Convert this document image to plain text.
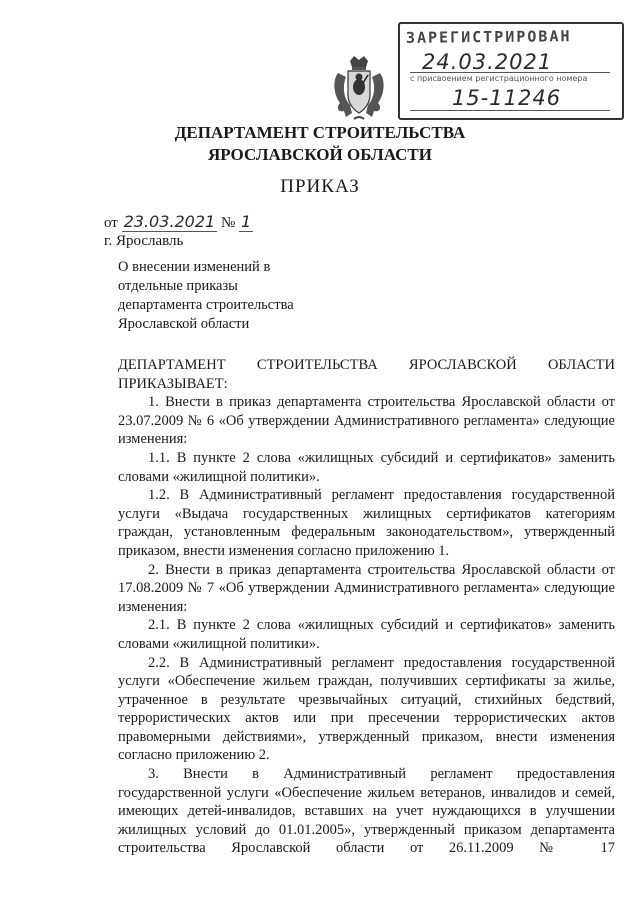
ЗАРЕГИСТРИРОВАН
24.03.2021
с присвоением регистрационного номера
15-11246
ДЕПАРТАМЕНТ СТРОИТЕЛЬСТВА
ЯРОСЛАВСКОЙ ОБЛАСТИ
ПРИКАЗ
от 23.03.2021 № 1
г. Ярославль
О внесении изменений в
отдельные приказы
департамента строительства
Ярославской области

ДЕПАРТАМЕНТ СТРОИТЕЛЬСТВА ЯРОСЛАВСКОЙ ОБЛАСТИ ПРИКАЗЫВАЕТ:

1. Внести в приказ департамента строительства Ярославской области от 23.07.2009 № 6 «Об утверждении Административного регламента» следующие изменения:

1.1. В пункте 2 слова «жилищных субсидий и сертификатов» заменить словами «жилищной политики».

1.2. В Административный регламент предоставления государственной услуги «Выдача государственных жилищных сертификатов категориям граждан, установленным федеральным законодательством», утвержденный приказом, внести изменения согласно приложению 1.

2. Внести в приказ департамента строительства Ярославской области от 17.08.2009 № 7 «Об утверждении Административного регламента» следующие изменения:

2.1. В пункте 2 слова «жилищных субсидий и сертификатов» заменить словами «жилищной политики».

2.2. В Административный регламент предоставления государственной услуги «Обеспечение жильем граждан, получивших сертификаты за жилье, утраченное в результате чрезвычайных ситуаций, стихийных бедствий, террористических актов или при пресечении террористических актов правомерными действиями», утвержденный приказом, внести изменения согласно приложению 2.

3. Внести в Административный регламент предоставления государственной услуги «Обеспечение жильем ветеранов, инвалидов и семей, имеющих детей-инвалидов, вставших на учет нуждающихся в улучшении жилищных условий до 01.01.2005», утвержденный приказом департамента строительства Ярославской области от 26.11.2009 № 17
